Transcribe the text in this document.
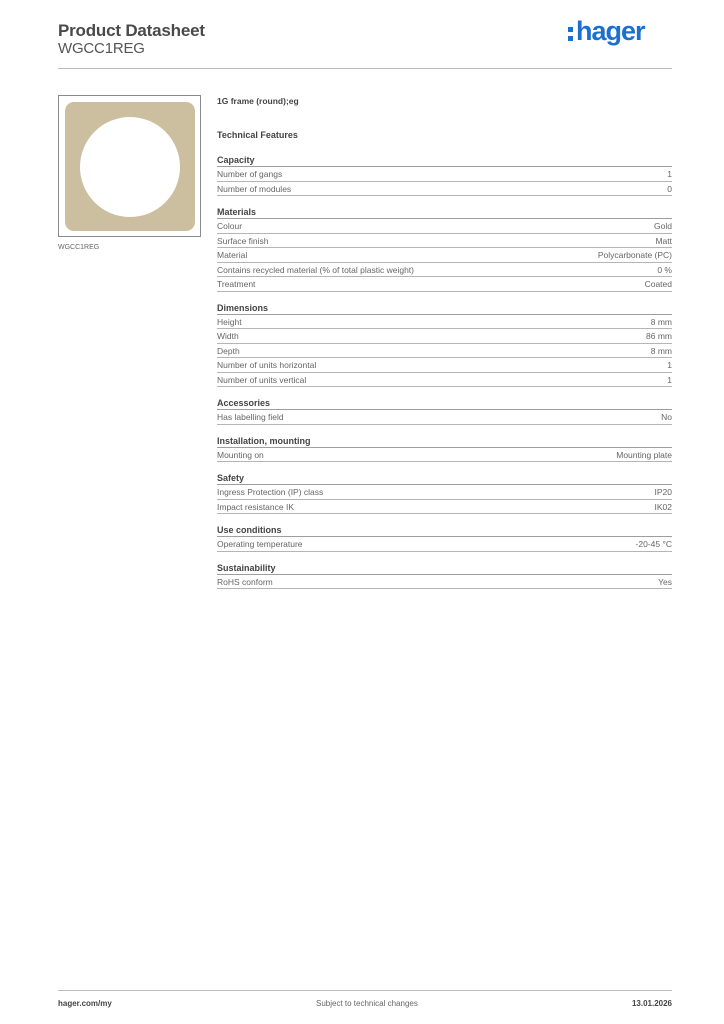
Product Datasheet
WGCC1REG
hager
WGCC1REG
1G frame (round);eg
Technical Features
Capacity
Number of gangs	1
Number of modules	0
Materials
Colour	Gold
Surface finish	Matt
Material	Polycarbonate (PC)
Contains recycled material (% of total plastic weight)	0 %
Treatment	Coated
Dimensions
Height	8 mm
Width	86 mm
Depth	8 mm
Number of units horizontal	1
Number of units vertical	1
Accessories
Has labelling field	No
Installation, mounting
Mounting on	Mounting plate
Safety
Ingress Protection (IP) class	IP20
Impact resistance IK	IK02
Use conditions
Operating temperature	-20-45 °C
Sustainability
RoHS conform	Yes
hager.com/my	Subject to technical changes	13.01.2026
